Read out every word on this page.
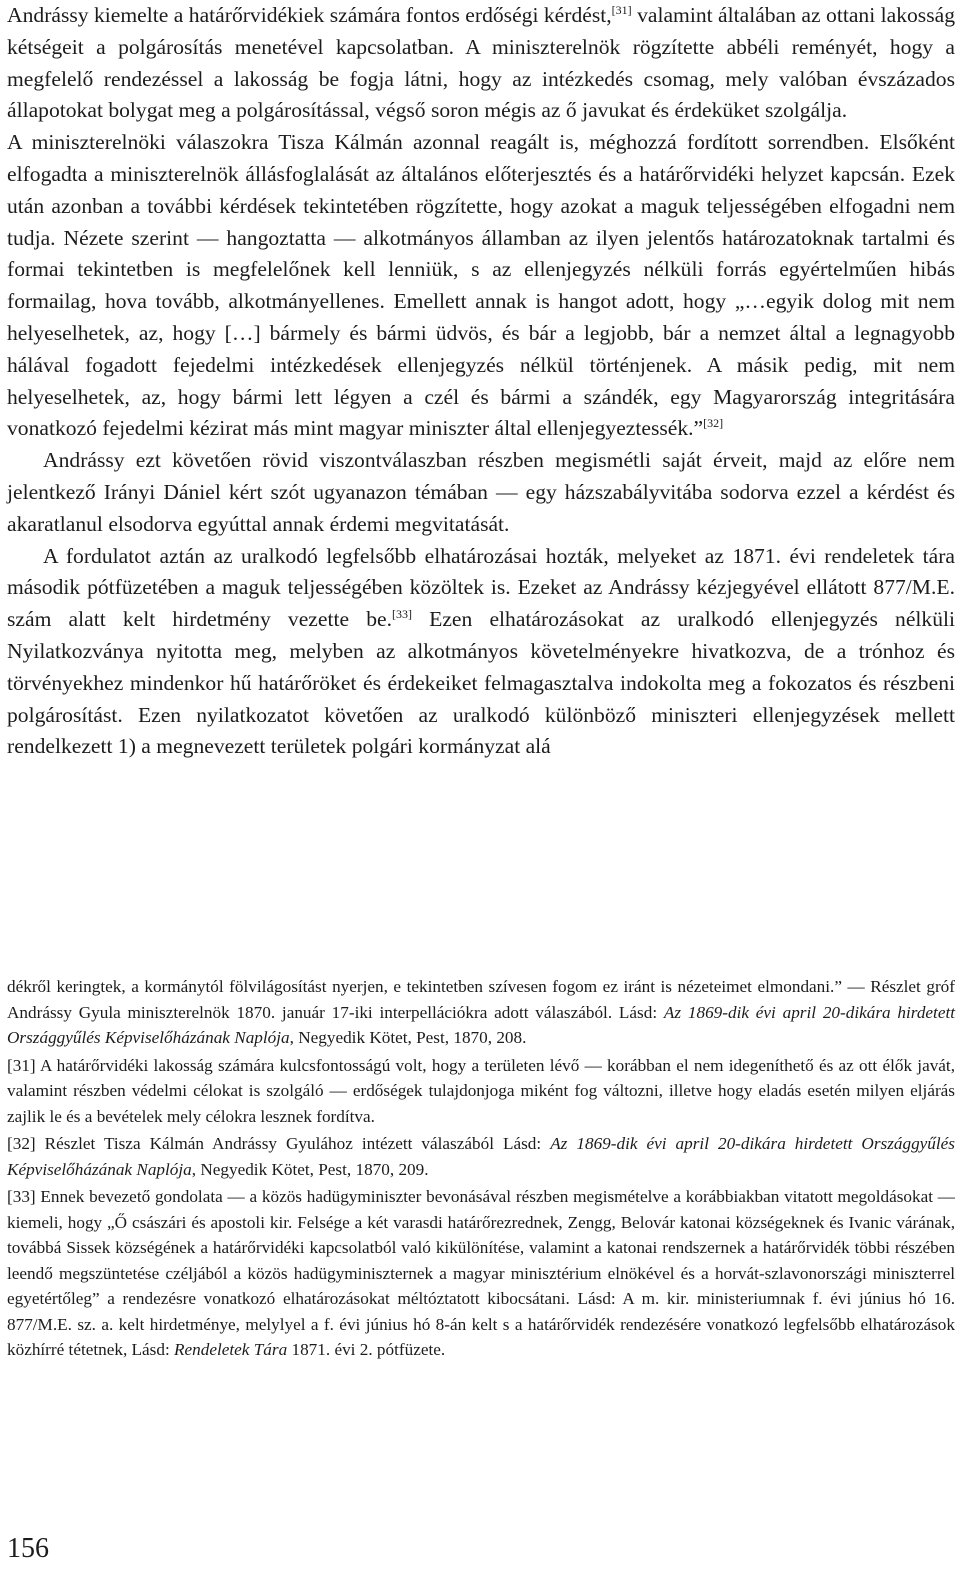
Andrássy kiemelte a határőrvidékiek számára fontos erdőségi kérdést,[31] valamint általában az ottani lakosság kétségeit a polgárosítás menetével kapcsolatban. A miniszterelnök rögzítette abbéli reményét, hogy a megfelelő rendezéssel a lakosság be fogja látni, hogy az intézkedés csomag, mely valóban évszázados állapotokat bolygat meg a polgárosítással, végső soron mégis az ő javukat és érdeküket szolgálja.

A miniszterelnöki válaszokra Tisza Kálmán azonnal reagált is, méghozzá fordított sorrendben. Elsőként elfogadta a miniszterelnök állásfoglalását az általános előterjesztés és a határőrvidéki helyzet kapcsán. Ezek után azonban a további kérdések tekintetében rögzítette, hogy azokat a maguk teljességében elfogadni nem tudja. Nézete szerint — hangoztatta — alkotmányos államban az ilyen jelentős határozatoknak tartalmi és formai tekintetben is megfelelőnek kell lenniük, s az ellenjegyzés nélküli forrás egyértelműen hibás formailag, hova tovább, alkotmányellenes. Emellett annak is hangot adott, hogy „…egyik dolog mit nem helyeselhetek, az, hogy […] bármely és bármi üdvös, és bár a legjobb, bár a nemzet által a legnagyobb hálával fogadott fejedelmi intézkedések ellenjegyzés nélkül történjenek. A másik pedig, mit nem helyeselhetek, az, hogy bármi lett légyen a czél és bármi a szándék, egy Magyarország integritására vonatkozó fejedelmi kézirat más mint magyar miniszter által ellenjegyeztessék.”[32]

Andrássy ezt követően rövid viszontválaszban részben megismétli saját érveit, majd az előre nem jelentkező Irányi Dániel kért szót ugyanazon témában — egy házszabályvitába sodorva ezzel a kérdést és akaratlanul elsodorva egyúttal annak érdemi megvitatását.

A fordulatot aztán az uralkodó legfelsőbb elhatározásai hozták, melyeket az 1871. évi rendeletek tára második pótfüzetében a maguk teljességében közöltek is. Ezeket az Andrássy kézjegyével ellátott 877/M.E. szám alatt kelt hirdetmény vezette be.[33] Ezen elhatározásokat az uralkodó ellenjegyzés nélküli Nyilatkozványa nyitotta meg, melyben az alkotmányos követelményekre hivatkozva, de a trónhoz és törvényekhez mindenkor hű határőröket és érdekeiket felmagasztalva indokolta meg a fokozatos és részbeni polgárosítást. Ezen nyilatkozatot követően az uralkodó különböző miniszteri ellenjegyzések mellett rendelkezett 1) a megnevezett területek polgári kormányzat alá

dékről keringtek, a kormánytól fölvilágosítást nyerjen, e tekintetben szívesen fogom ez iránt is nézeteimet elmondani.” — Részlet gróf Andrássy Gyula miniszterelnök 1870. január 17-iki interpellációkra adott válaszából. Lásd: Az 1869-dik évi april 20-dikára hirdetett Országgyűlés Képviselőházának Naplója, Negyedik Kötet, Pest, 1870, 208.

[31] A határőrvidéki lakosság számára kulcsfontosságú volt, hogy a területen lévő — korábban el nem idegeníthető és az ott élők javát, valamint részben védelmi célokat is szolgáló — erdőségek tulajdonjoga miként fog változni, illetve hogy eladás esetén milyen eljárás zajlik le és a bevételek mely célokra lesznek fordítva.

[32] Részlet Tisza Kálmán Andrássy Gyulához intézett válaszából Lásd: Az 1869-dik évi april 20-dikára hirdetett Országgyűlés Képviselőházának Naplója, Negyedik Kötet, Pest, 1870, 209.

[33] Ennek bevezető gondolata — a közös hadügyminiszter bevonásával részben megismételve a korábbiakban vitatott megoldásokat — kiemeli, hogy „Ő császári és apostoli kir. Felsége a két varasdi határőrezrednek, Zengg, Belovár katonai községeknek és Ivanic várának, továbbá Sissek községének a határőrvidéki kapcsolatból való kikülönítése, valamint a katonai rendszernek a határőrvidék többi részében leendő megszüntetése czéljából a közös hadügyminiszternek a magyar minisztérium elnökével és a horvát-szlavonországi miniszterrel egyetértőleg” a rendezésre vonatkozó elhatározásokat méltóztatott kibocsátani. Lásd: A m. kir. ministeriumnak f. évi június hó 16. 877/M.E. sz. a. kelt hirdetménye, melylyel a f. évi június hó 8-án kelt s a határőrvidék rendezésére vonatkozó legfelsőbb elhatározások közhírré tétetnek, Lásd: Rendeletek Tára 1871. évi 2. pótfüzete.

156
